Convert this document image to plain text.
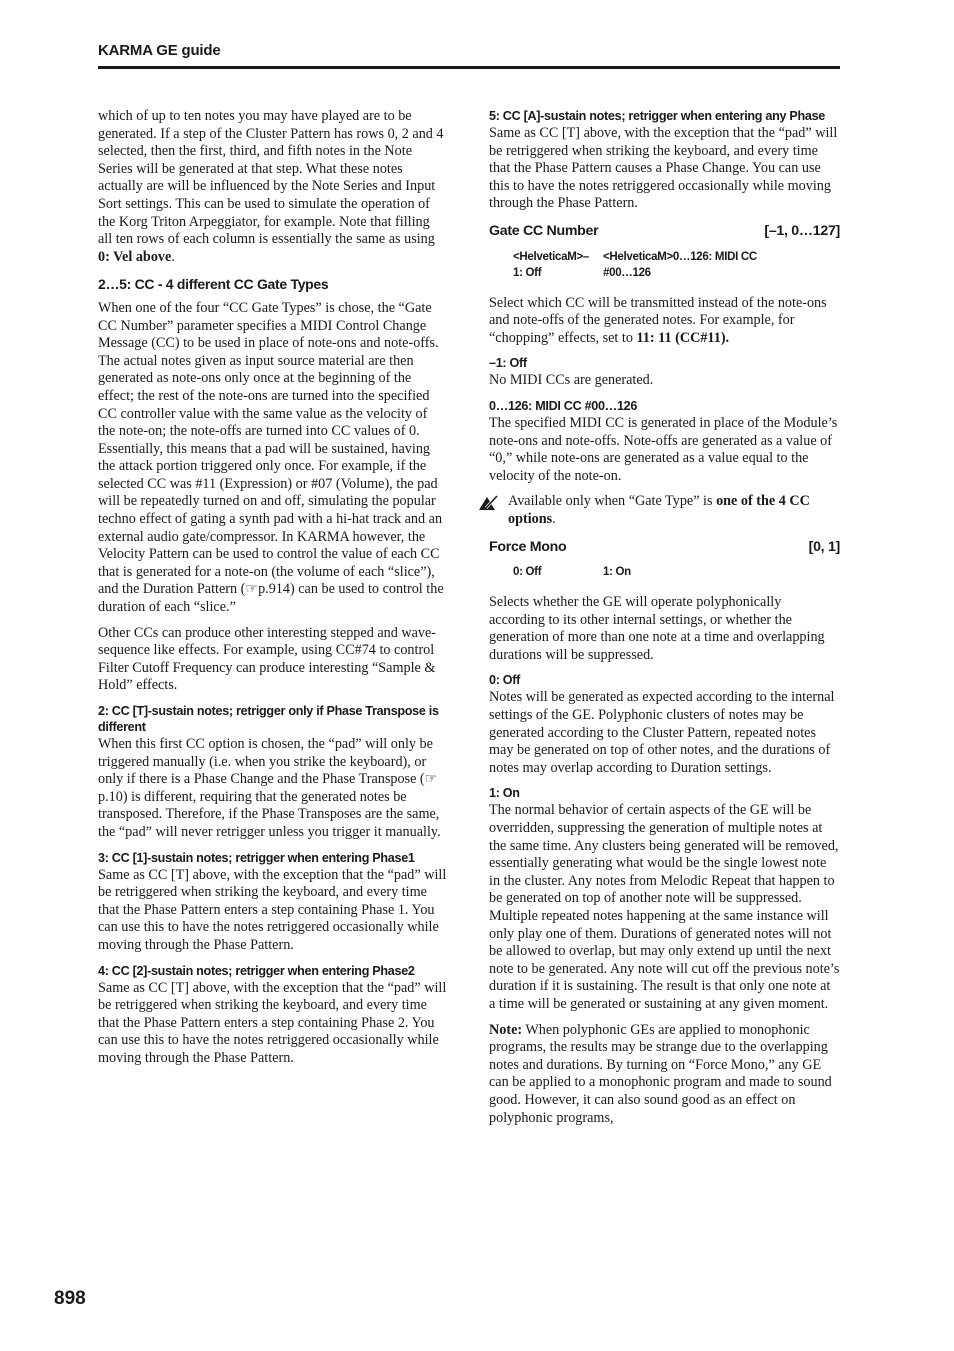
KARMA GE guide

which of up to ten notes you may have played are to be generated. If a step of the Cluster Pattern has rows 0, 2 and 4 selected, then the first, third, and fifth notes in the Note Series will be generated at that step. What these notes actually are will be influenced by the Note Series and Input Sort settings. This can be used to simulate the operation of the Korg Triton Arpeggiator, for example. Note that filling all ten rows of each column is essentially the same as using 0: Vel above.

2…5: CC - 4 different CC Gate Types

When one of the four “CC Gate Types” is chose, the “Gate CC Number” parameter specifies a MIDI Control Change Message (CC) to be used in place of note-ons and note-offs. The actual notes given as input source material are then generated as note-ons only once at the beginning of the effect; the rest of the note-ons are turned into the specified CC controller value with the same value as the velocity of the note-on; the note-offs are turned into CC values of 0. Essentially, this means that a pad will be sustained, having the attack portion triggered only once. For example, if the selected CC was #11 (Expression) or #07 (Volume), the pad will be repeatedly turned on and off, simulating the popular techno effect of gating a synth pad with a hi-hat track and an external audio gate/compressor. In KARMA however, the Velocity Pattern can be used to control the value of each CC that is generated for a note-on (the volume of each “slice”), and the Duration Pattern (☞p.914) can be used to control the duration of each “slice.”

Other CCs can produce other interesting stepped and wave-sequence like effects. For example, using CC#74 to control Filter Cutoff Frequency can produce interesting “Sample & Hold” effects.

2: CC [T]-sustain notes; retrigger only if Phase Transpose is different

When this first CC option is chosen, the “pad” will only be triggered manually (i.e. when you strike the keyboard), or only if there is a Phase Change and the Phase Transpose (☞p.10) is different, requiring that the generated notes be transposed. Therefore, if the Phase Transposes are the same, the “pad” will never retrigger unless you trigger it manually.

3: CC [1]-sustain notes; retrigger when entering Phase1

Same as CC [T] above, with the exception that the “pad” will be retriggered when striking the keyboard, and every time that the Phase Pattern enters a step containing Phase 1. You can use this to have the notes retriggered occasionally while moving through the Phase Pattern.

4: CC [2]-sustain notes; retrigger when entering Phase2

Same as CC [T] above, with the exception that the “pad” will be retriggered when striking the keyboard, and every time that the Phase Pattern enters a step containing Phase 2. You can use this to have the notes retriggered occasionally while moving through the Phase Pattern.

5: CC [A]-sustain notes; retrigger when entering any Phase

Same as CC [T] above, with the exception that the “pad” will be retriggered when striking the keyboard, and every time that the Phase Pattern causes a Phase Change. You can use this to have the notes retriggered occasionally while moving through the Phase Pattern.

Gate CC Number	[–1, 0…127]
<HelveticaM>–
1: Off
<HelveticaM>0…126: MIDI CC
#00…126

Select which CC will be transmitted instead of the note-ons and note-offs of the generated notes. For example, for “chopping” effects, set to 11: 11 (CC#11).

–1: Off

No MIDI CCs are generated.

0…126: MIDI CC #00…126

The specified MIDI CC is generated in place of the Module’s note-ons and note-offs. Note-offs are generated as a value of “0,” while note-ons are generated as a value equal to the velocity of the note-on.

Available only when “Gate Type” is one of the 4 CC options.
Force Mono	[0, 1]
0: Off	1: On

Selects whether the GE will operate polyphonically according to its other internal settings, or whether the generation of more than one note at a time and overlapping durations will be suppressed.

0: Off

Notes will be generated as expected according to the internal settings of the GE. Polyphonic clusters of notes may be generated according to the Cluster Pattern, repeated notes may be generated on top of other notes, and the durations of notes may overlap according to Duration settings.

1: On

The normal behavior of certain aspects of the GE will be overridden, suppressing the generation of multiple notes at the same time. Any clusters being generated will be removed, essentially generating what would be the single lowest note in the cluster. Any notes from Melodic Repeat that happen to be generated on top of another note will be suppressed. Multiple repeated notes happening at the same instance will only play one of them. Durations of generated notes will not be allowed to overlap, but may only extend up until the next note to be generated. Any note will cut off the previous note’s duration if it is sustaining. The result is that only one note at a time will be generated or sustaining at any given moment.

Note: When polyphonic GEs are applied to monophonic programs, the results may be strange due to the overlapping notes and durations. By turning on “Force Mono,” any GE can be applied to a monophonic program and made to sound good. However, it can also sound good as an effect on polyphonic programs,

898
